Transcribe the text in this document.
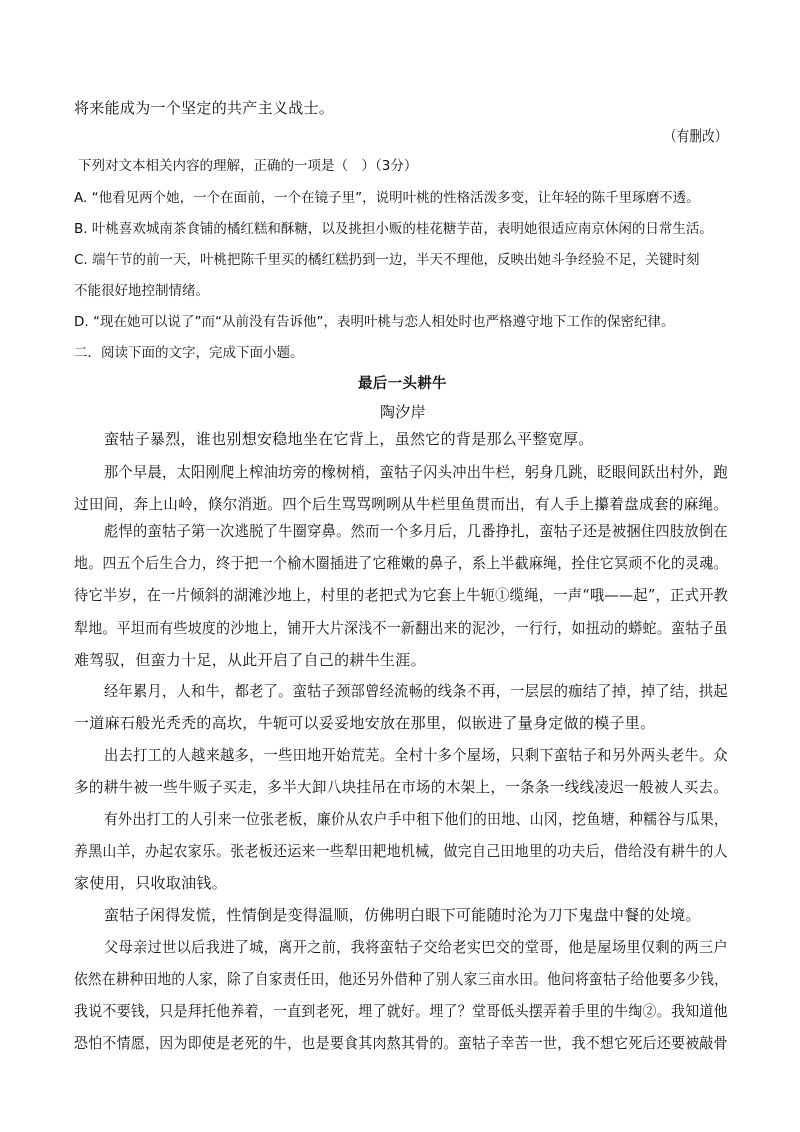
将来能成为一个坚定的共产主义战士。
（有删改）
下列对文本相关内容的理解，正确的一项是（　）（3分）
A. “他看见两个她，一个在面前，一个在镜子里”，说明叶桃的性格活泼多变，让年轻的陈千里琢磨不透。
B. 叶桃喜欢城南茶食铺的橘红糕和酥糖，以及挑担小贩的桂花糖芋苗，表明她很适应南京休闲的日常生活。
C. 端午节的前一天，叶桃把陈千里买的橘红糕扔到一边，半天不理他，反映出她斗争经验不足，关键时刻
不能很好地控制情绪。
D. “现在她可以说了”而“从前没有告诉他”，表明叶桃与恋人相处时也严格遵守地下工作的保密纪律。
二．阅读下面的文字，完成下面小题。
最后一头耕牛
陶汐岸
蛮牯子暴烈，谁也别想安稳地坐在它背上，虽然它的背是那么平整宽厚。
那个早晨，太阳刚爬上榨油坊旁的橡树梢，蛮牯子闪头冲出牛栏，躬身几跳，眨眼间跃出村外，跑
过田间，奔上山岭，倏尔消逝。四个后生骂骂咧咧从牛栏里鱼贯而出，有人手上攥着盘成套的麻绳。
彪悍的蛮牯子第一次逃脱了牛圈穿鼻。然而一个多月后，几番挣扎，蛮牯子还是被捆住四肢放倒在
地。四五个后生合力，终于把一个榆木圈插进了它稚嫩的鼻子，系上半截麻绳，拴住它冥顽不化的灵魂。
待它半岁，在一片倾斜的湖滩沙地上，村里的老把式为它套上牛轭①缆绳，一声“哦——起”，正式开教
犁地。平坦而有些坡度的沙地上，铺开大片深浅不一新翻出来的泥沙，一行行，如扭动的蟒蛇。蛮牯子虽
难驾驭，但蛮力十足，从此开启了自己的耕牛生涯。
经年累月，人和牛，都老了。蛮牯子颈部曾经流畅的线条不再，一层层的痂结了掉，掉了结，拱起
一道麻石般光秃秃的高坎，牛轭可以妥妥地安放在那里，似嵌进了量身定做的模子里。
出去打工的人越来越多，一些田地开始荒芜。全村十多个屋场，只剩下蛮牯子和另外两头老牛。众
多的耕牛被一些牛贩子买走，多半大卸八块挂吊在市场的木架上，一条条一线线凌迟一般被人买去。
有外出打工的人引来一位张老板，廉价从农户手中租下他们的田地、山冈，挖鱼塘，种糯谷与瓜果，
养黑山羊，办起农家乐。张老板还运来一些犁田耙地机械，做完自己田地里的功夫后，借给没有耕牛的人
家使用，只收取油钱。
蛮牯子闲得发慌，性情倒是变得温顺，仿佛明白眼下可能随时沦为刀下鬼盘中餐的处境。
父母亲过世以后我进了城，离开之前，我将蛮牯子交给老实巴交的堂哥，他是屋场里仅剩的两三户
依然在耕种田地的人家，除了自家责任田，他还另外借种了别人家三亩水田。他问将蛮牯子给他要多少钱，
我说不要钱，只是拜托他养着，一直到老死，埋了就好。埋了？堂哥低头摆弄着手里的牛绹②。我知道他
恐怕不情愿，因为即使是老死的牛，也是要食其肉熬其骨的。蛮牯子幸苦一世，我不想它死后还要被敲骨
